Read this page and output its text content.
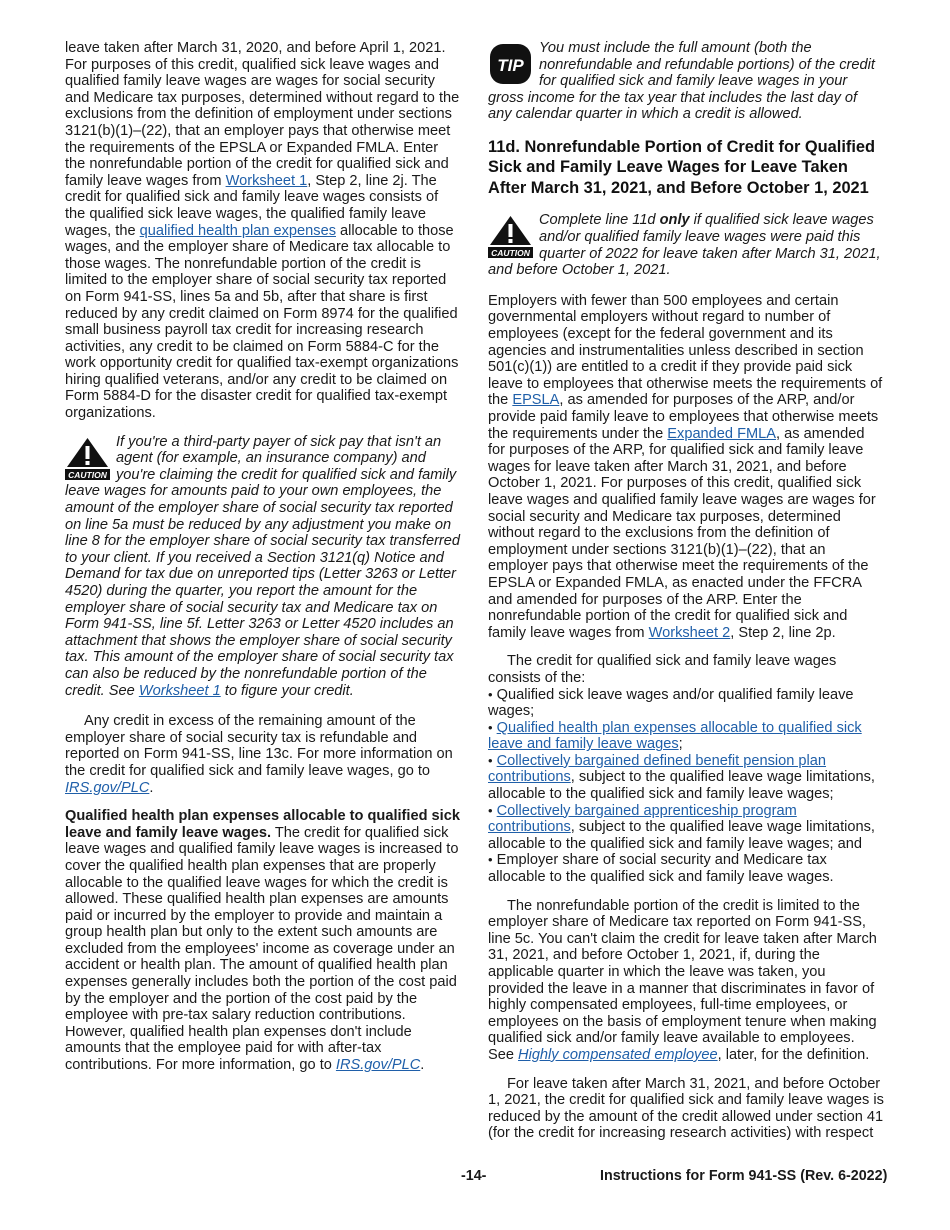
leave taken after March 31, 2020, and before April 1, 2021. For purposes of this credit, qualified sick leave wages and qualified family leave wages are wages for social security and Medicare tax purposes, determined without regard to the exclusions from the definition of employment under sections 3121(b)(1)–(22), that an employer pays that otherwise meet the requirements of the EPSLA or Expanded FMLA. Enter the nonrefundable portion of the credit for qualified sick and family leave wages from Worksheet 1, Step 2, line 2j. The credit for qualified sick and family leave wages consists of the qualified sick leave wages, the qualified family leave wages, the qualified health plan expenses allocable to those wages, and the employer share of Medicare tax allocable to those wages. The nonrefundable portion of the credit is limited to the employer share of social security tax reported on Form 941-SS, lines 5a and 5b, after that share is first reduced by any credit claimed on Form 8974 for the qualified small business payroll tax credit for increasing research activities, any credit to be claimed on Form 5884-C for the work opportunity credit for qualified tax-exempt organizations hiring qualified veterans, and/or any credit to be claimed on Form 5884-D for the disaster credit for qualified tax-exempt organizations.

CAUTION
If you're a third-party payer of sick pay that isn't an agent (for example, an insurance company) and you're claiming the credit for qualified sick and family leave wages for amounts paid to your own employees, the amount of the employer share of social security tax reported on line 5a must be reduced by any adjustment you make on line 8 for the employer share of social security tax transferred to your client. If you received a Section 3121(q) Notice and Demand for tax due on unreported tips (Letter 3263 or Letter 4520) during the quarter, you report the amount for the employer share of social security tax and Medicare tax on Form 941-SS, line 5f. Letter 3263 or Letter 4520 includes an attachment that shows the employer share of social security tax. This amount of the employer share of social security tax can also be reduced by the nonrefundable portion of the credit. See Worksheet 1 to figure your credit.

Any credit in excess of the remaining amount of the employer share of social security tax is refundable and reported on Form 941-SS, line 13c. For more information on the credit for qualified sick and family leave wages, go to IRS.gov/PLC.

Qualified health plan expenses allocable to qualified sick leave and family leave wages. The credit for qualified sick leave wages and qualified family leave wages is increased to cover the qualified health plan expenses that are properly allocable to the qualified leave wages for which the credit is allowed. These qualified health plan expenses are amounts paid or incurred by the employer to provide and maintain a group health plan but only to the extent such amounts are excluded from the employees' income as coverage under an accident or health plan. The amount of qualified health plan expenses generally includes both the portion of the cost paid by the employer and the portion of the cost paid by the employee with pre-tax salary reduction contributions. However, qualified health plan expenses don't include amounts that the employee paid for with after-tax contributions. For more information, go to IRS.gov/PLC.

TIP
You must include the full amount (both the nonrefundable and refundable portions) of the credit for qualified sick and family leave wages in your gross income for the tax year that includes the last day of any calendar quarter in which a credit is allowed.
11d. Nonrefundable Portion of Credit for Qualified Sick and Family Leave Wages for Leave Taken After March 31, 2021, and Before October 1, 2021
CAUTION
Complete line 11d only if qualified sick leave wages and/or qualified family leave wages were paid this quarter of 2022 for leave taken after March 31, 2021, and before October 1, 2021.

Employers with fewer than 500 employees and certain governmental employers without regard to number of employees (except for the federal government and its agencies and instrumentalities unless described in section 501(c)(1)) are entitled to a credit if they provide paid sick leave to employees that otherwise meets the requirements of the EPSLA, as amended for purposes of the ARP, and/or provide paid family leave to employees that otherwise meets the requirements under the Expanded FMLA, as amended for purposes of the ARP, for qualified sick and family leave wages for leave taken after March 31, 2021, and before October 1, 2021. For purposes of this credit, qualified sick leave wages and qualified family leave wages are wages for social security and Medicare tax purposes, determined without regard to the exclusions from the definition of employment under sections 3121(b)(1)–(22), that an employer pays that otherwise meet the requirements of the EPSLA or Expanded FMLA, as enacted under the FFCRA and amended for purposes of the ARP. Enter the nonrefundable portion of the credit for qualified sick and family leave wages from Worksheet 2, Step 2, line 2p.

The credit for qualified sick and family leave wages consists of the:

• Qualified sick leave wages and/or qualified family leave wages;
• Qualified health plan expenses allocable to qualified sick leave and family leave wages;
• Collectively bargained defined benefit pension plan contributions, subject to the qualified leave wage limitations, allocable to the qualified sick and family leave wages;
• Collectively bargained apprenticeship program contributions, subject to the qualified leave wage limitations, allocable to the qualified sick and family leave wages; and
• Employer share of social security and Medicare tax allocable to the qualified sick and family leave wages.

The nonrefundable portion of the credit is limited to the employer share of Medicare tax reported on Form 941-SS, line 5c. You can't claim the credit for leave taken after March 31, 2021, and before October 1, 2021, if, during the applicable quarter in which the leave was taken, you provided the leave in a manner that discriminates in favor of highly compensated employees, full-time employees, or employees on the basis of employment tenure when making qualified sick and/or family leave available to employees. See Highly compensated employee, later, for the definition.

For leave taken after March 31, 2021, and before October 1, 2021, the credit for qualified sick and family leave wages is reduced by the amount of the credit allowed under section 41 (for the credit for increasing research activities) with respect

-14-	Instructions for Form 941-SS (Rev. 6-2022)
